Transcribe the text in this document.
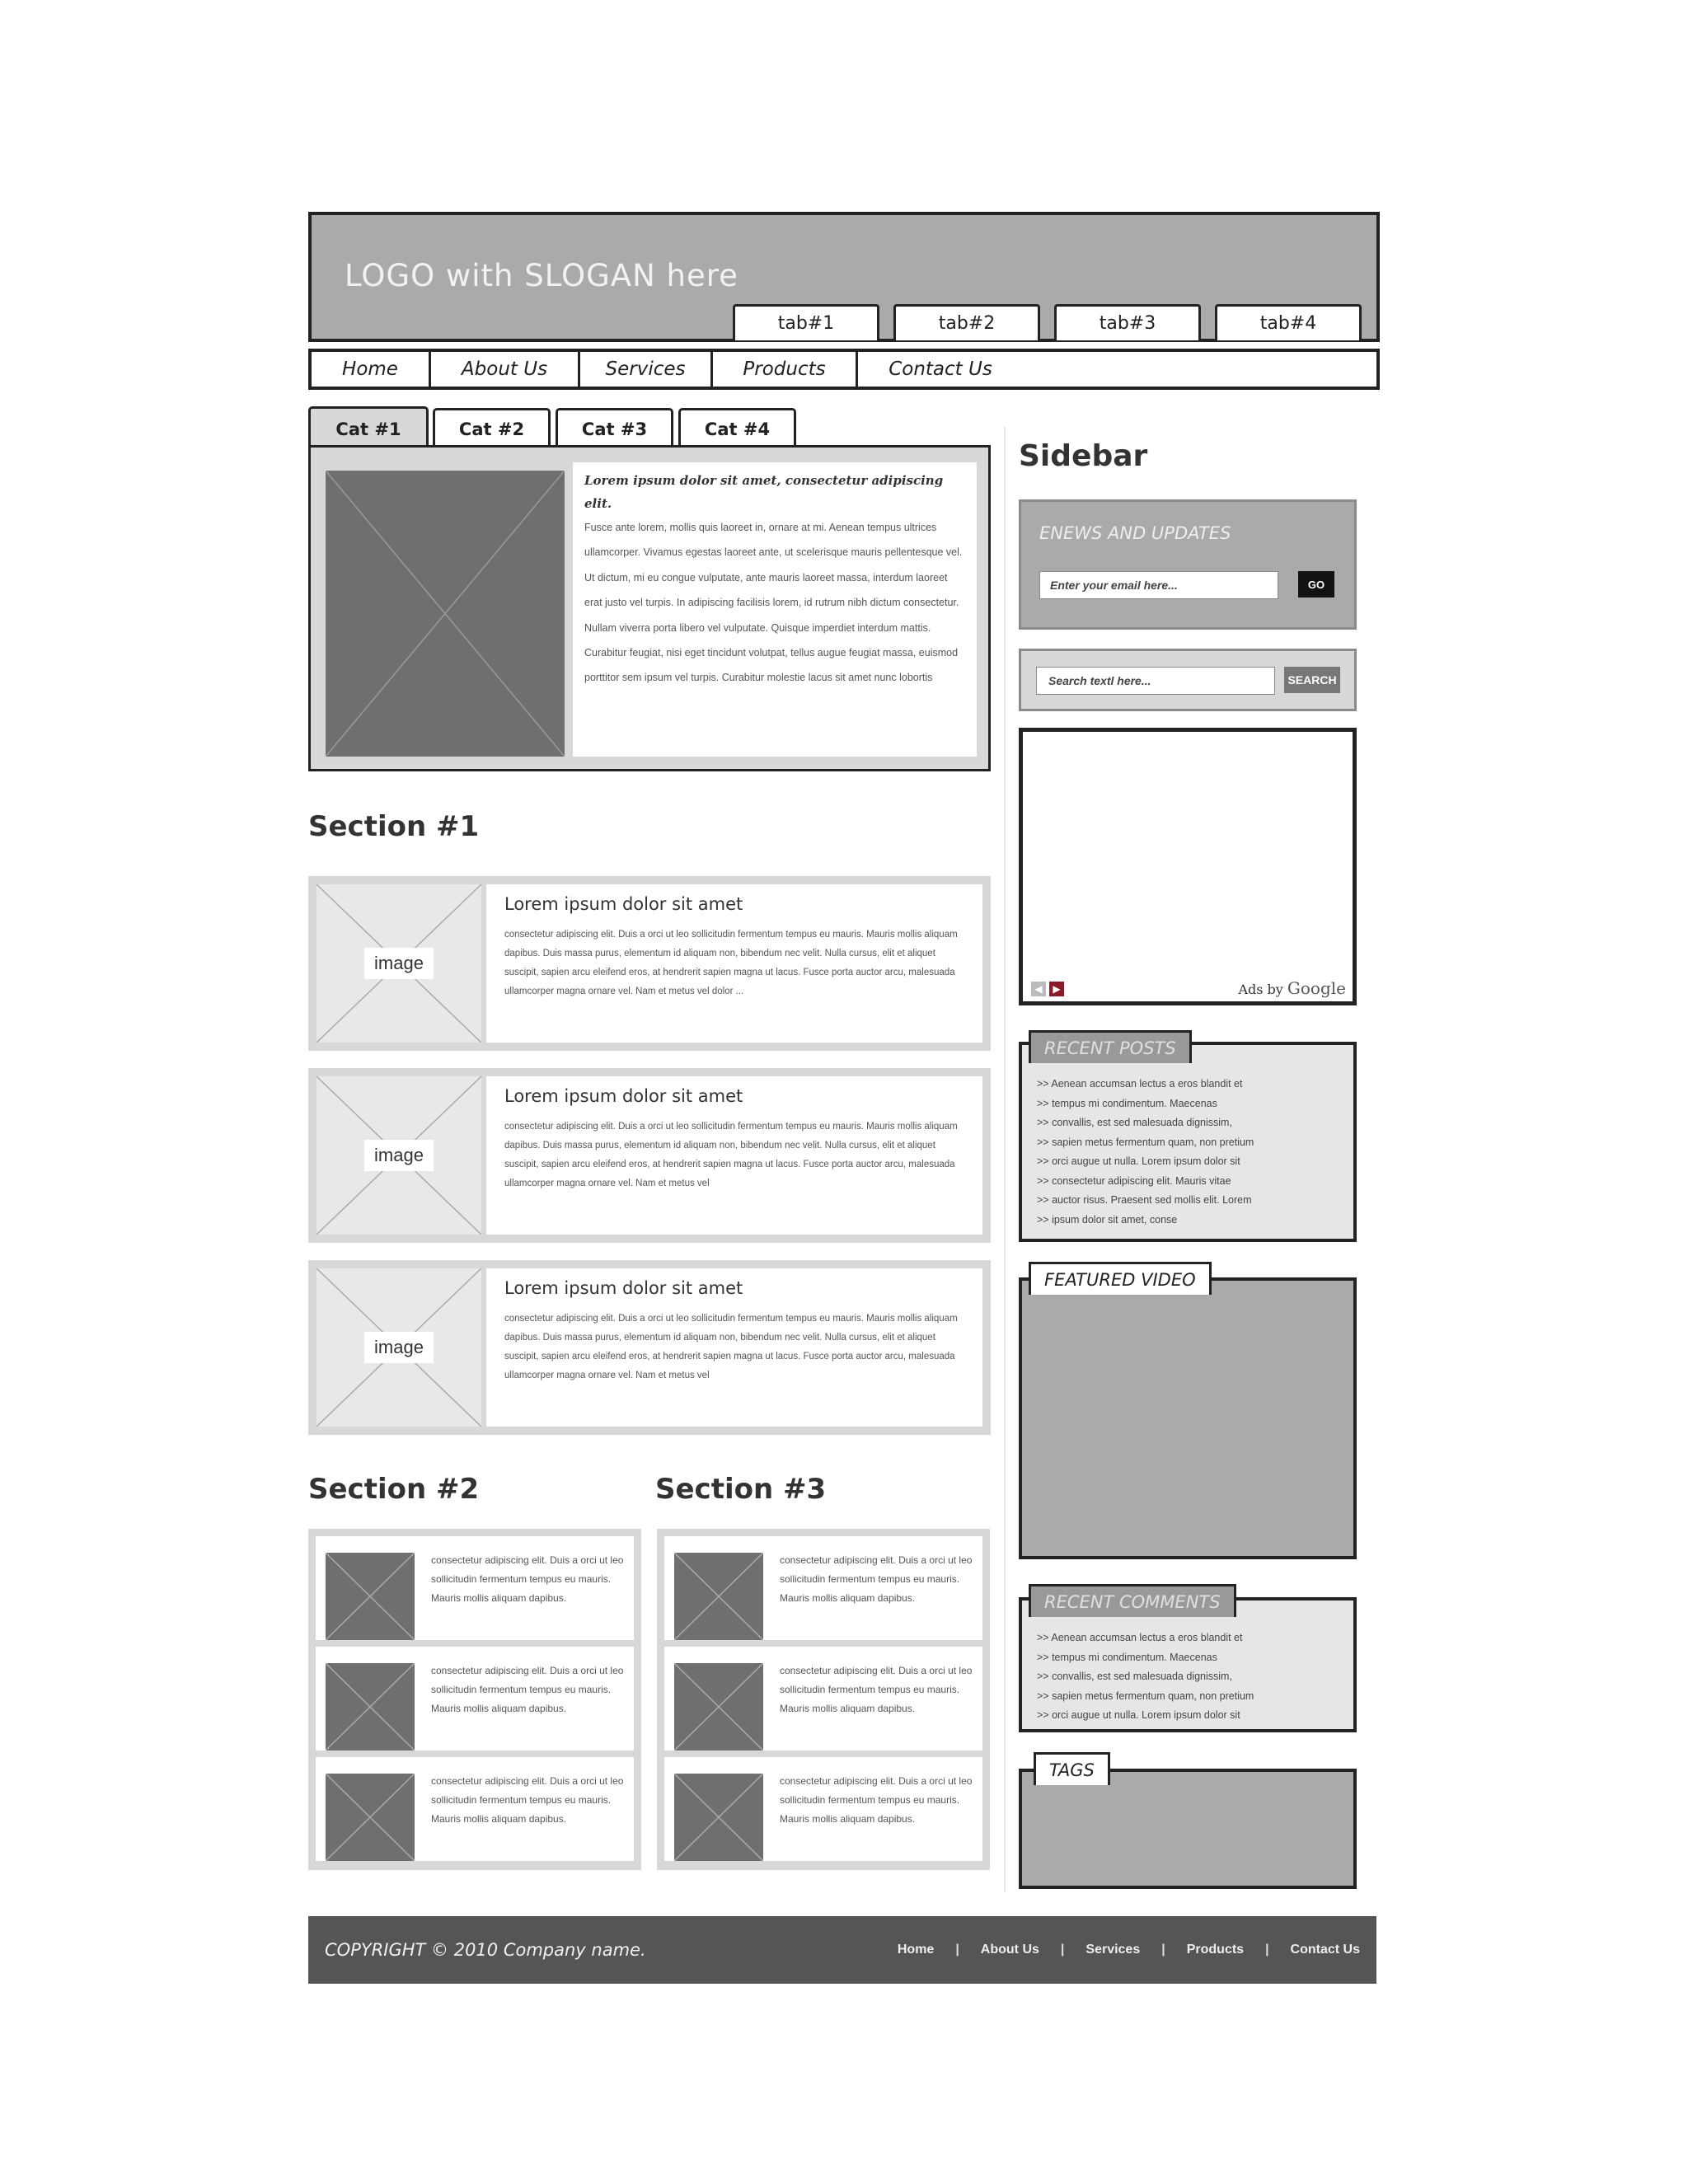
LOGO with SLOGAN here
tab#1	tab#2	tab#3	tab#4
Home	About Us	Services	Products	Contact Us
Cat #1	Cat #2	Cat #3	Cat #4
Lorem ipsum dolor sit amet, consectetur adipiscing elit.
Fusce ante lorem, mollis quis laoreet in, ornare at mi. Aenean tempus ultrices ullamcorper. Vivamus egestas laoreet ante, ut scelerisque mauris pellentesque vel. Ut dictum, mi eu congue vulputate, ante mauris laoreet massa, interdum laoreet erat justo vel turpis. In adipiscing facilisis lorem, id rutrum nibh dictum consectetur. Nullam viverra porta libero vel vulputate. Quisque imperdiet interdum mattis. Curabitur feugiat, nisi eget tincidunt volutpat, tellus augue feugiat massa, euismod porttitor sem ipsum vel turpis. Curabitur molestie lacus sit amet nunc lobortis
Section #1
image
Lorem ipsum dolor sit amet
consectetur adipiscing elit. Duis a orci ut leo sollicitudin fermentum tempus eu mauris. Mauris mollis aliquam dapibus. Duis massa purus, elementum id aliquam non, bibendum nec velit. Nulla cursus, elit et aliquet suscipit, sapien arcu eleifend eros, at hendrerit sapien magna ut lacus. Fusce porta auctor arcu, malesuada ullamcorper magna ornare vel. Nam et metus vel dolor ...
image
Lorem ipsum dolor sit amet
consectetur adipiscing elit. Duis a orci ut leo sollicitudin fermentum tempus eu mauris. Mauris mollis aliquam dapibus. Duis massa purus, elementum id aliquam non, bibendum nec velit. Nulla cursus, elit et aliquet suscipit, sapien arcu eleifend eros, at hendrerit sapien magna ut lacus. Fusce porta auctor arcu, malesuada ullamcorper magna ornare vel. Nam et metus vel
image
Lorem ipsum dolor sit amet
consectetur adipiscing elit. Duis a orci ut leo sollicitudin fermentum tempus eu mauris. Mauris mollis aliquam dapibus. Duis massa purus, elementum id aliquam non, bibendum nec velit. Nulla cursus, elit et aliquet suscipit, sapien arcu eleifend eros, at hendrerit sapien magna ut lacus. Fusce porta auctor arcu, malesuada ullamcorper magna ornare vel. Nam et metus vel
Section #2
consectetur adipiscing elit. Duis a orci ut leo sollicitudin fermentum tempus eu mauris. Mauris mollis aliquam dapibus.
consectetur adipiscing elit. Duis a orci ut leo sollicitudin fermentum tempus eu mauris. Mauris mollis aliquam dapibus.
consectetur adipiscing elit. Duis a orci ut leo sollicitudin fermentum tempus eu mauris. Mauris mollis aliquam dapibus.
Section #3
consectetur adipiscing elit. Duis a orci ut leo sollicitudin fermentum tempus eu mauris. Mauris mollis aliquam dapibus.
consectetur adipiscing elit. Duis a orci ut leo sollicitudin fermentum tempus eu mauris. Mauris mollis aliquam dapibus.
consectetur adipiscing elit. Duis a orci ut leo sollicitudin fermentum tempus eu mauris. Mauris mollis aliquam dapibus.
Sidebar
ENEWS AND UPDATES
Enter your email here...	GO
Search textl here...	SEARCH
◀	▶	Ads by Google
>> Aenean accumsan lectus a eros blandit et
>> tempus mi condimentum. Maecenas
>> convallis, est sed malesuada dignissim,
>> sapien metus fermentum quam, non pretium
>> orci augue ut nulla. Lorem ipsum dolor sit
>> consectetur adipiscing elit. Mauris vitae
>> auctor risus. Praesent sed mollis elit. Lorem
>> ipsum dolor sit amet, conse
RECENT POSTS
FEATURED VIDEO
>> Aenean accumsan lectus a eros blandit et
>> tempus mi condimentum. Maecenas
>> convallis, est sed malesuada dignissim,
>> sapien metus fermentum quam, non pretium
>> orci augue ut nulla. Lorem ipsum dolor sit
RECENT COMMENTS
TAGS
COPYRIGHT © 2010 Company name.	Home | About Us | Services | Products | Contact Us
